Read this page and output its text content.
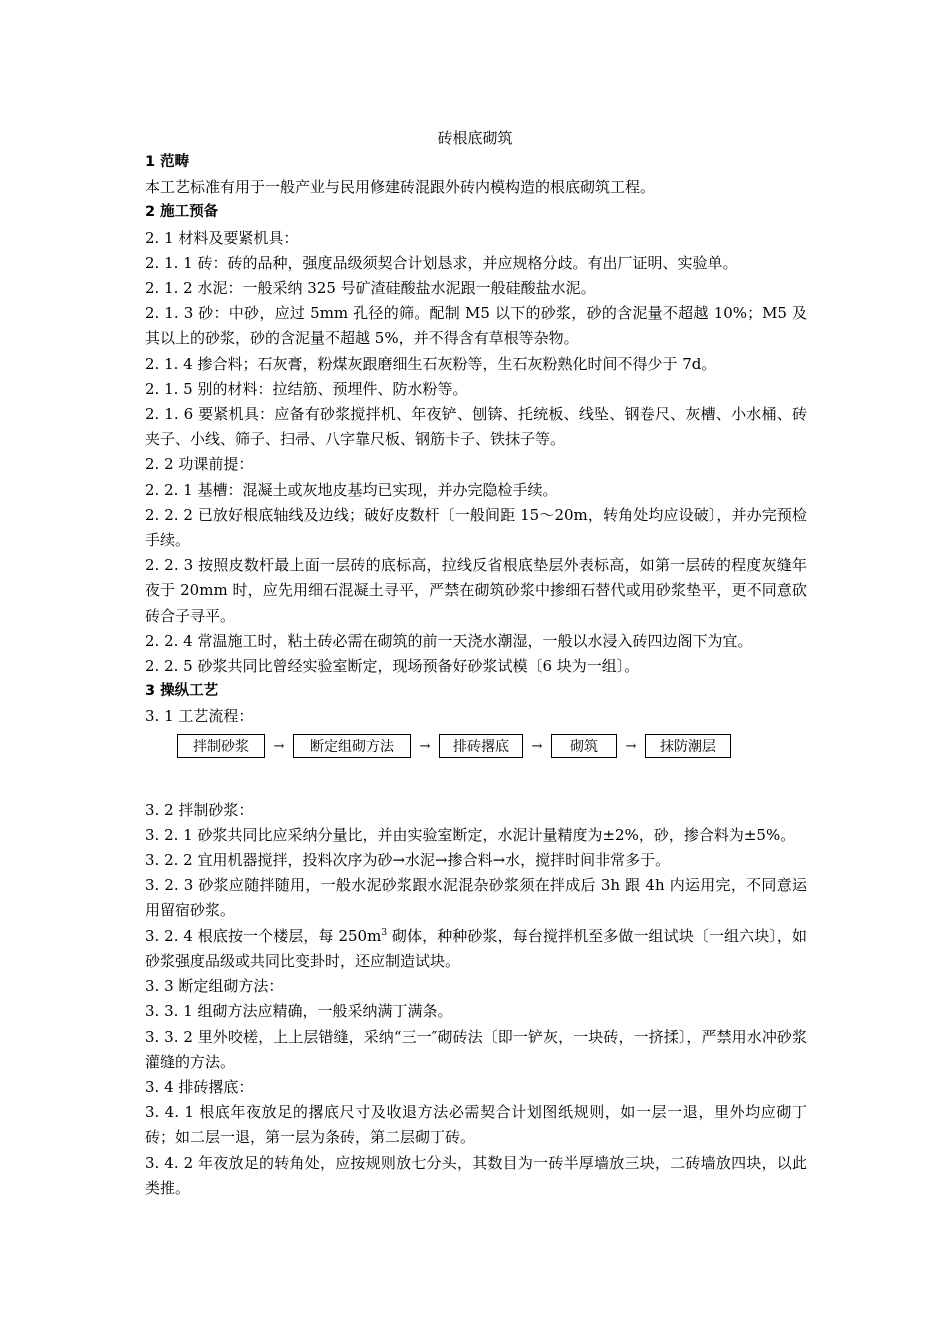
砖根底砌筑

1 范畴

本工艺标准有用于一般产业与民用修建砖混跟外砖内模构造的根底砌筑工程。

2 施工预备

2. 1 材料及要紧机具：

2. 1. 1 砖：砖的品种，强度品级须契合计划恳求，并应规格分歧。有出厂证明、实验单。

2. 1. 2 水泥：一般采纳 325 号矿渣硅酸盐水泥跟一般硅酸盐水泥。

2. 1. 3 砂：中砂，应过 5mm 孔径的筛。配制 M5 以下的砂浆，砂的含泥量不超越 10%；M5 及其以上的砂浆，砂的含泥量不超越 5%，并不得含有草根等杂物。

2. 1. 4 掺合料；石灰膏，粉煤灰跟磨细生石灰粉等，生石灰粉熟化时间不得少于 7d。

2. 1. 5 别的材料：拉结筋、预埋件、防水粉等。

2. 1. 6 要紧机具：应备有砂浆搅拌机、年夜铲、刨锛、托统板、线坠、钢卷尺、灰槽、小水桶、砖夹子、小线、筛子、扫帚、八字靠尺板、钢筋卡子、铁抹子等。

2. 2 功课前提：

2. 2. 1 基槽：混凝土或灰地皮基均已实现，并办完隐检手续。

2. 2. 2 已放好根底轴线及边线；破好皮数杆〔一般间距 15～20m，转角处均应设破〕，并办完预检手续。

2. 2. 3 按照皮数杆最上面一层砖的底标高，拉线反省根底垫层外表标高，如第一层砖的程度灰缝年夜于 20mm 时，应先用细石混凝土寻平，严禁在砌筑砂浆中掺细石替代或用砂浆垫平，更不同意砍砖合子寻平。

2. 2. 4 常温施工时，粘土砖必需在砌筑的前一天浇水潮湿，一般以水浸入砖四边阁下为宜。

2. 2. 5 砂浆共同比曾经实验室断定，现场预备好砂浆试模〔6 块为一组〕。

3 操纵工艺

3. 1 工艺流程：

拌制砂浆	→	断定组砌方法	→	排砖撂底	→	砌筑	→	抹防潮层

3. 2 拌制砂浆：

3. 2. 1 砂浆共同比应采纳分量比，并由实验室断定，水泥计量精度为±2%，砂，掺合料为±5%。

3. 2. 2 宜用机器搅拌，投料次序为砂→水泥→掺合料→水，搅拌时间非常多于。

3. 2. 3 砂浆应随拌随用，一般水泥砂浆跟水泥混杂砂浆须在拌成后 3h 跟 4h 内运用完，不同意运用留宿砂浆。

3. 2. 4 根底按一个楼层，每 $250m^3$ 砌体，种种砂浆，每台搅拌机至多做一组试块〔一组六块〕，如砂浆强度品级或共同比变卦时，还应制造试块。

3. 3 断定组砌方法：

3. 3. 1 组砌方法应精确，一般采纳满丁满条。

3. 3. 2 里外咬槎，上上层错缝，采纳“三一″砌砖法〔即一铲灰，一块砖，一挤揉〕，严禁用水冲砂浆灌缝的方法。

3. 4 排砖撂底：

3. 4. 1 根底年夜放足的撂底尺寸及收退方法必需契合计划图纸规则，如一层一退，里外均应砌丁砖；如二层一退，第一层为条砖，第二层砌丁砖。

3. 4. 2 年夜放足的转角处，应按规则放七分头，其数目为一砖半厚墙放三块，二砖墙放四块，以此类推。
